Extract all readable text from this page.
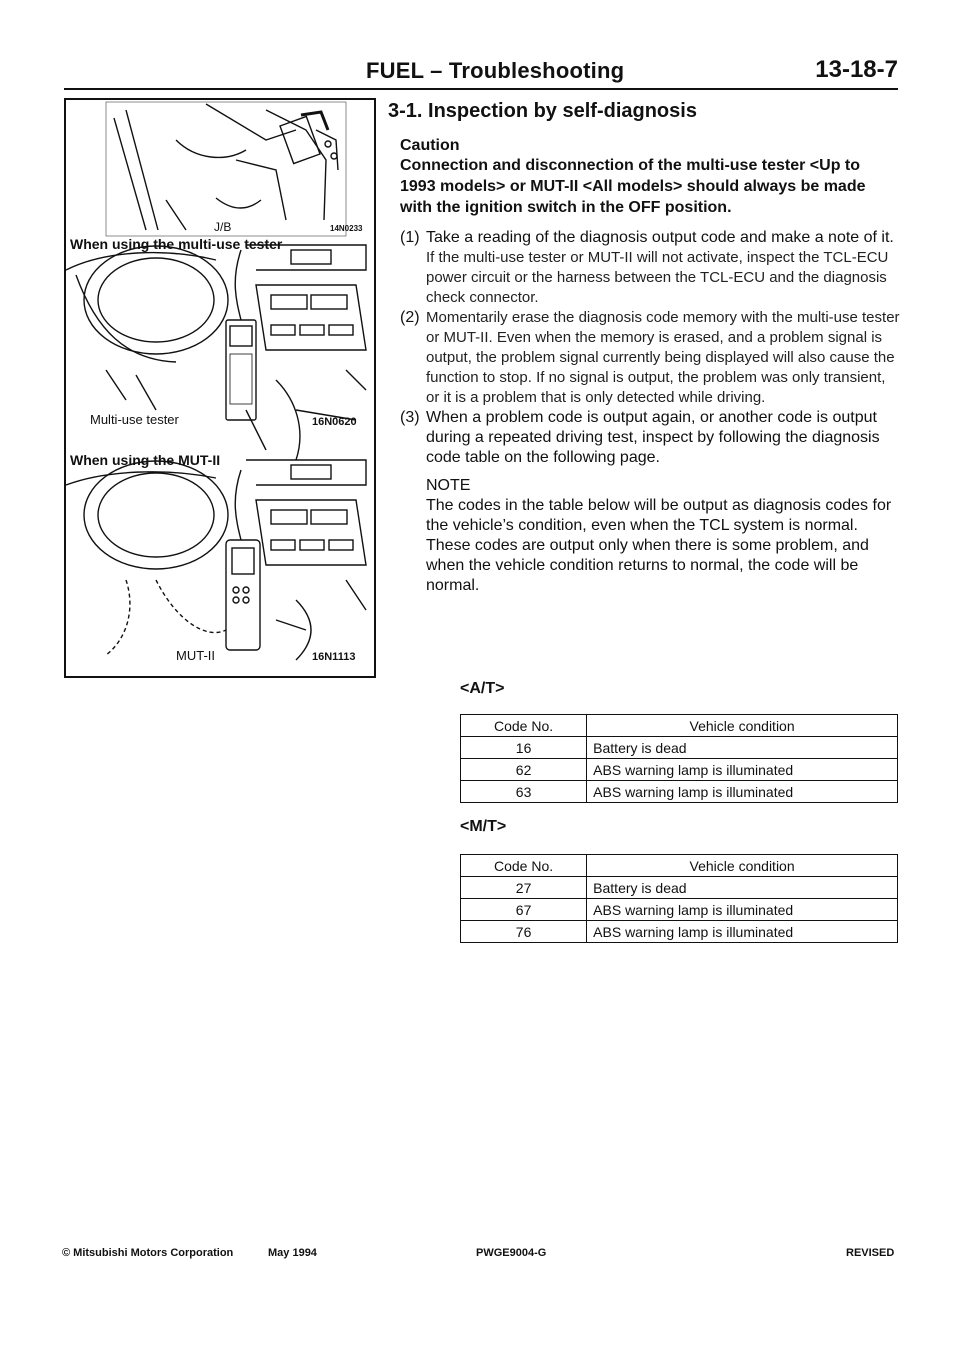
FUEL – Troubleshooting	13-18-7
J/B	14N0233
When using the multi-use tester
Multi-use tester	16N0620
When using the MUT-II
MUT-II	16N1113
3-1. Inspection by self-diagnosis

Caution

Connection and disconnection of the multi-use tester <Up to 1993 models> or MUT-II <All models> should always be made with the ignition switch in the OFF position.

(1) Take a reading of the diagnosis output code and make a note of it.
If the multi-use tester or MUT-II will not activate, inspect the TCL-ECU power circuit or the harness between the TCL-ECU and the diagnosis check connector.
(2) Momentarily erase the diagnosis code memory with the multi-use tester or MUT-II. Even when the memory is erased, and a problem signal is output, the problem signal currently being displayed will also cause the function to stop. If no signal is output, the problem was only transient, or it is a problem that is only detected while driving.
(3) When a problem code is output again, or another code is output during a repeated driving test, inspect by following the diagnosis code table on the following page.
NOTE
The codes in the table below will be output as diagnosis codes for the vehicle’s condition, even when the TCL system is normal. These codes are output only when there is some problem, and when the vehicle condition returns to normal, the code will be normal.
<A/T>
Code No.	Vehicle condition
16	Battery is dead
62	ABS warning lamp is illuminated
63	ABS warning lamp is illuminated
<M/T>
Code No.	Vehicle condition
27	Battery is dead
67	ABS warning lamp is illuminated
76	ABS warning lamp is illuminated
© Mitsubishi Motors Corporation	May 1994	PWGE9004-G	REVISED
